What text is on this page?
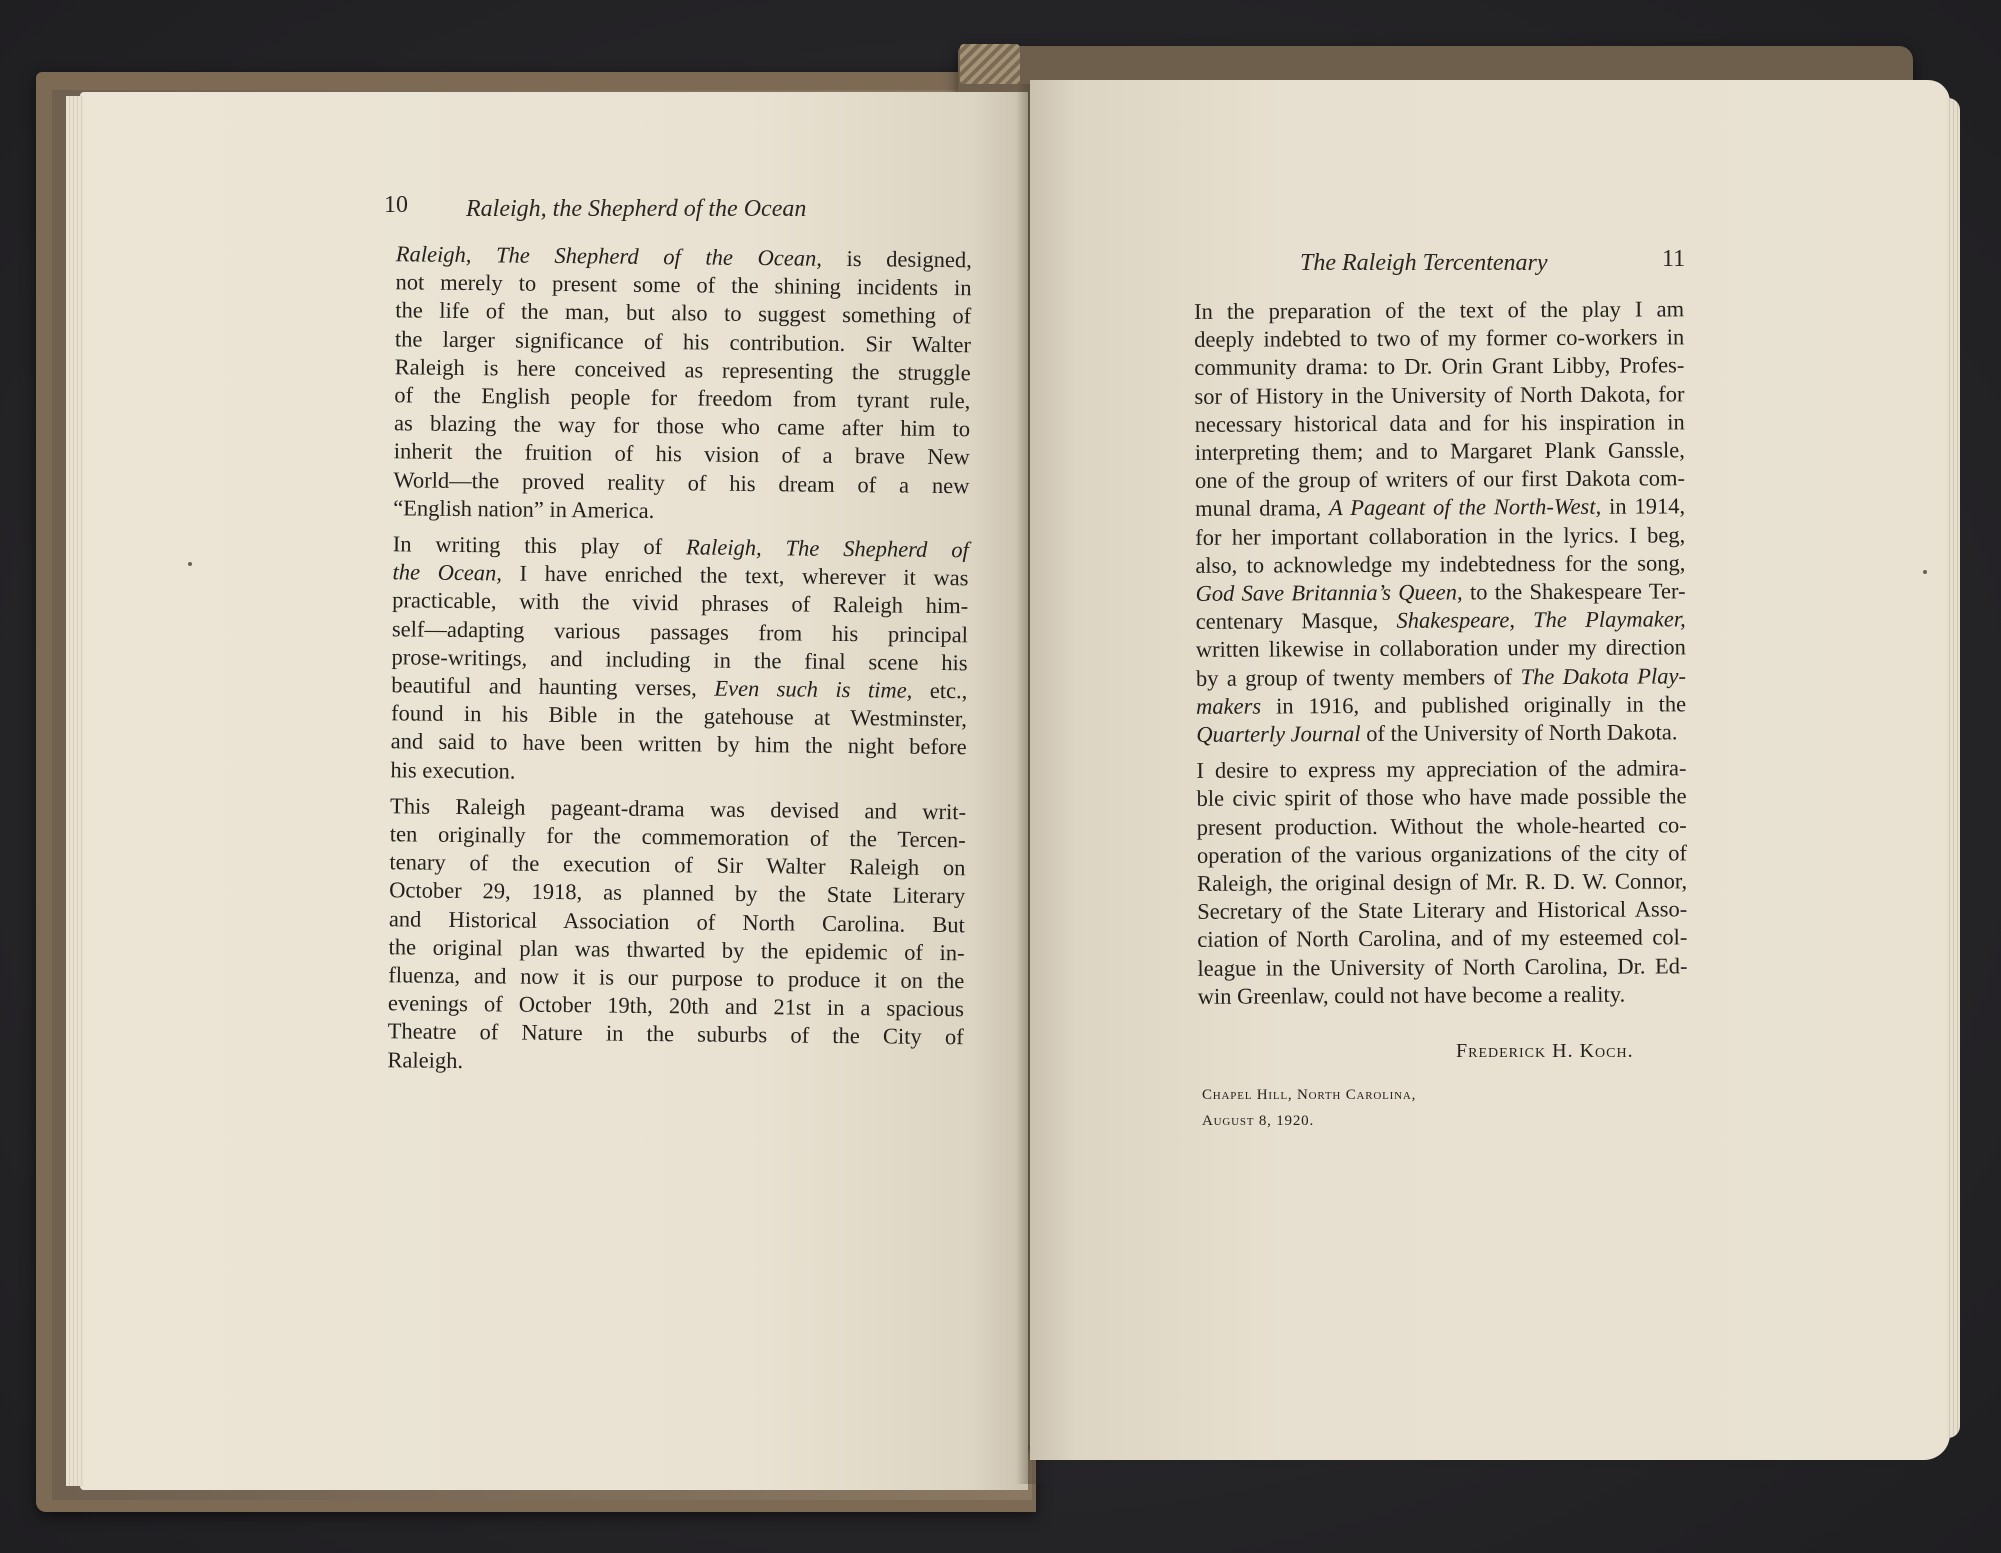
10 Raleigh, the Shepherd of the Ocean

Raleigh, The Shepherd of the Ocean, is designed,
not merely to present some of the shining incidents in
the life of the man, but also to suggest something of
the larger significance of his contribution. Sir Walter
Raleigh is here conceived as representing the struggle
of the English people for freedom from tyrant rule,
as blazing the way for those who came after him to
inherit the fruition of his vision of a brave New
World—the proved reality of his dream of a new
“English nation” in America.

In writing this play of Raleigh, The Shepherd of
the Ocean, I have enriched the text, wherever it was
practicable, with the vivid phrases of Raleigh him-
self—adapting various passages from his principal
prose-writings, and including in the final scene his
beautiful and haunting verses, Even such is time, etc.,
found in his Bible in the gatehouse at Westminster,
and said to have been written by him the night before
his execution.

This Raleigh pageant-drama was devised and writ-
ten originally for the commemoration of the Tercen-
tenary of the execution of Sir Walter Raleigh on
October 29, 1918, as planned by the State Literary
and Historical Association of North Carolina. But
the original plan was thwarted by the epidemic of in-
fluenza, and now it is our purpose to produce it on the
evenings of October 19th, 20th and 21st in a spacious
Theatre of Nature in the suburbs of the City of
Raleigh.

The Raleigh Tercentenary	11

In the preparation of the text of the play I am
deeply indebted to two of my former co-workers in
community drama: to Dr. Orin Grant Libby, Profes-
sor of History in the University of North Dakota, for
necessary historical data and for his inspiration in
interpreting them; and to Margaret Plank Ganssle,
one of the group of writers of our first Dakota com-
munal drama, A Pageant of the North-West, in 1914,
for her important collaboration in the lyrics. I beg,
also, to acknowledge my indebtedness for the song,
God Save Britannia’s Queen, to the Shakespeare Ter-
centenary Masque, Shakespeare, The Playmaker,
written likewise in collaboration under my direction
by a group of twenty members of The Dakota Play-
makers in 1916, and published originally in the
Quarterly Journal of the University of North Dakota.

I desire to express my appreciation of the admira-
ble civic spirit of those who have made possible the
present production. Without the whole-hearted co-
operation of the various organizations of the city of
Raleigh, the original design of Mr. R. D. W. Connor,
Secretary of the State Literary and Historical Asso-
ciation of North Carolina, and of my esteemed col-
league in the University of North Carolina, Dr. Ed-
win Greenlaw, could not have become a reality.

Frederick H. Koch.
Chapel Hill, North Carolina,
August 8, 1920.
